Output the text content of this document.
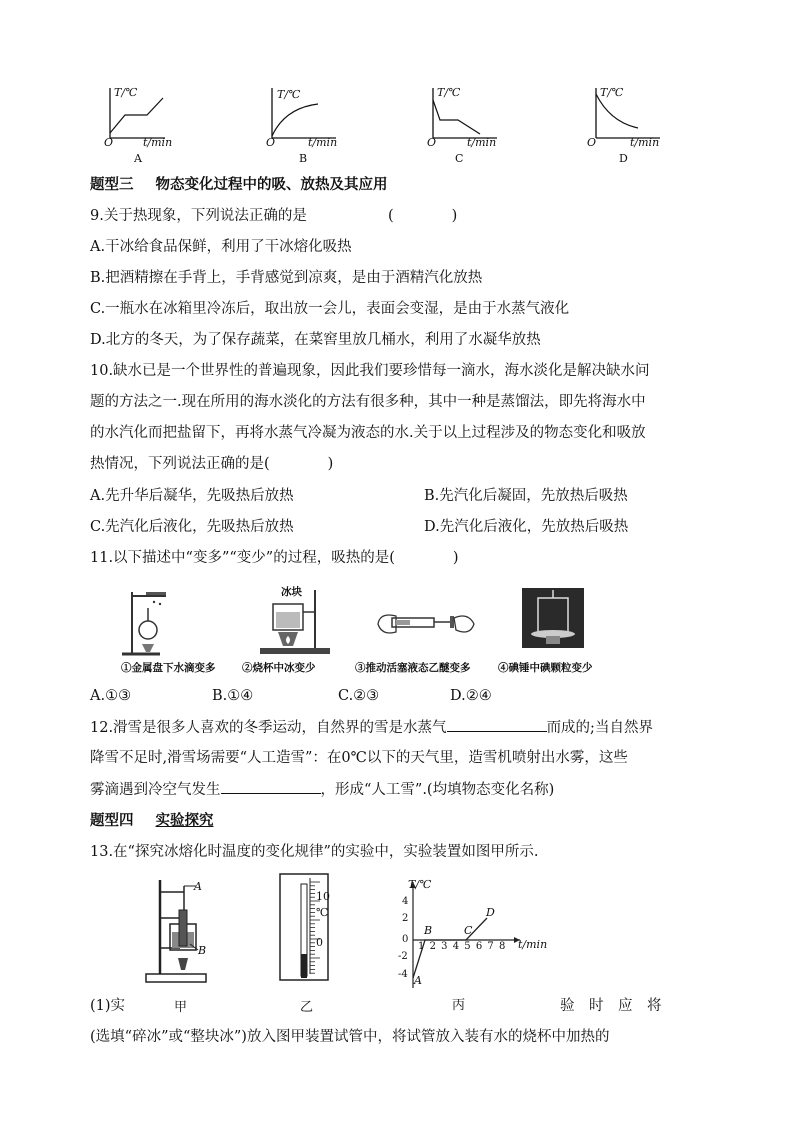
T/℃
t/min
O
A
T/℃
t/min
O
B
T/℃
t/min
O
C
T/℃
t/min
O
D
题型三 物态变化过程中的吸、放热及其应用
9.关于热现象，下列说法正确的是	(　　　　)
A.干冰给食品保鲜，利用了干冰熔化吸热
B.把酒精擦在手背上，手背感觉到凉爽，是由于酒精汽化放热
C.一瓶水在冰箱里冷冻后，取出放一会儿，表面会变湿，是由于水蒸气液化
D.北方的冬天，为了保存蔬菜，在菜窖里放几桶水，利用了水凝华放热
10.缺水已是一个世界性的普遍现象，因此我们要珍惜每一滴水，海水淡化是解决缺水问
题的方法之一.现在所用的海水淡化的方法有很多种，其中一种是蒸馏法，即先将海水中
的水汽化而把盐留下，再将水蒸气冷凝为液态的水.关于以上过程涉及的物态变化和吸放
热情况，下列说法正确的是(　　　　)
A.先升华后凝华，先吸热后放热	B.先汽化后凝固，先放热后吸热
C.先汽化后液化，先吸热后放热	D.先汽化后液化，先放热后吸热
11.以下描述中“变多”“变少”的过程，吸热的是(　　　　)
冰块
①金属盘下水滴变多	②烧杯中冰变少	③推动活塞液态乙醚变多	④碘锤中碘颗粒变少
A.①③	B.①④	C.②③	D.②④
12.滑雪是很多人喜欢的冬季运动，自然界的雪是水蒸气	而成的;当自然界
降雪不足时,滑雪场需要“人工造雪”：在0℃以下的天气里，造雪机喷射出水雾，这些
雾滴遇到冷空气发生	，形成“人工雪”.(均填物态变化名称)
题型四 实验探究
13.在“探究冰熔化时温度的变化规律”的实验中，实验装置如图甲所示.
A
B
10
℃
0
T/℃
t/min
4
2
0
-2
-4
12345678
A
B	C
D
(1)实	甲	乙	丙	验　时　应　将
(选填“碎冰”或“整块冰”)放入图甲装置试管中，将试管放入装有水的烧杯中加热的
